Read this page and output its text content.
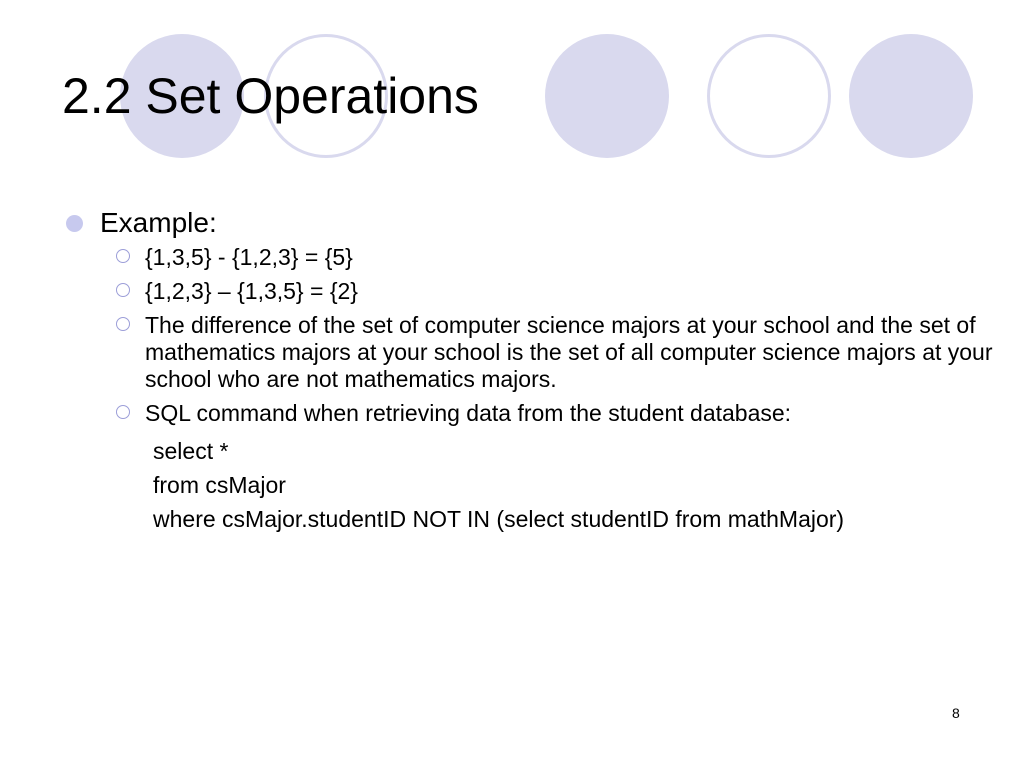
2.2 Set Operations
Example:
{1,3,5} - {1,2,3} = {5}
{1,2,3} – {1,3,5} = {2}
The difference of the set of computer science majors at your school and the set of mathematics majors at your school is the set of all computer science majors at your school who are not mathematics majors.
SQL command when retrieving data from the student database:
select *
from csMajor
where csMajor.studentID NOT IN (select studentID from mathMajor)
8
